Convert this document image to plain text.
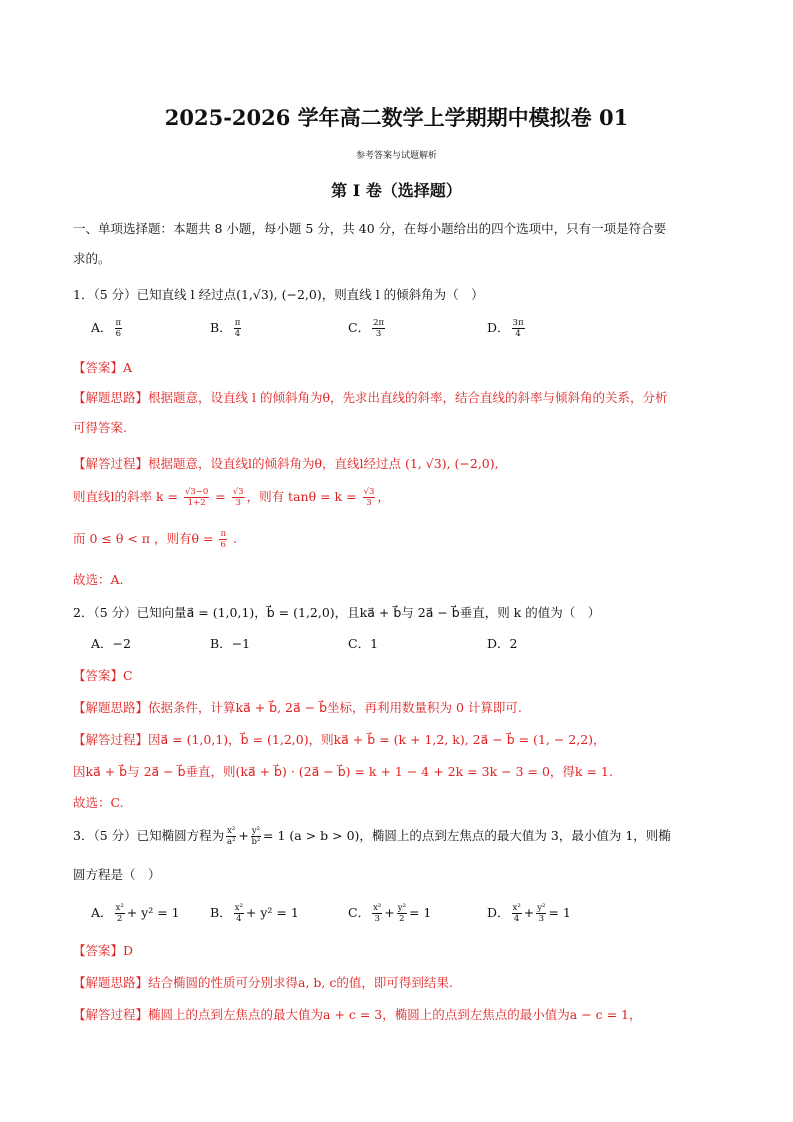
2025-2026 学年高二数学上学期期中模拟卷 01
参考答案与试题解析
第 I 卷（选择题）
一、单项选择题：本题共 8 小题，每小题 5 分，共 40 分，在每小题给出的四个选项中，只有一项是符合要
求的。
1．（5 分）已知直线 l 经过点(1,√3), (−2,0)，则直线 l 的倾斜角为（　）
A． $\frac{\pi}{6}$	B． $\frac{\pi}{4}$	C． $\frac{2\pi}{3}$	D． $\frac{3\pi}{4}$
【答案】A
【解题思路】根据题意，设直线 l 的倾斜角为θ，先求出直线的斜率，结合直线的斜率与倾斜角的关系，分析
可得答案.
【解答过程】根据题意，设直线l的倾斜角为θ，直线l经过点 (1, √3), (−2,0),
则直线l的斜率 $k = \frac{√3-0}{1+2} = \frac{√3}{3}$ ，则有 $\tan\theta = k = \frac{√3}{3}$ ，
而 0 ≤ θ < π ，则有$\theta = \frac{\pi}{6}$ .
故选：A.
2．（5 分）已知向量a⃗ = (1,0,1)，b⃗ = (1,2,0)，且ka⃗ + b⃗与 2a⃗ − b⃗垂直，则 k 的值为（　）
A．−2	B．−1	C．1	D．2
【答案】C
【解题思路】依据条件，计算ka⃗ + b⃗, 2a⃗ − b⃗坐标，再利用数量积为 0 计算即可.
【解答过程】因a⃗ = (1,0,1)，b⃗ = (1,2,0)，则ka⃗ + b⃗ = (k + 1,2, k), 2a⃗ − b⃗ = (1, − 2,2)，
因ka⃗ + b⃗与 2a⃗ − b⃗垂直，则(ka⃗ + b⃗) · (2a⃗ − b⃗) = k + 1 − 4 + 2k = 3k − 3 = 0，得k = 1.
故选：C.
3．（5 分）已知椭圆方程为 $\frac{\text{x²}}{\text{a²}} + \frac{\text{y²}}{\text{b²}} = 1$ (a > b > 0)，椭圆上的点到左焦点的最大值为 3，最小值为 1，则椭
圆方程是（　）
A． $\frac{\text{x²}}{2} + y^2 = 1$ B． $\frac{\text{x²}}{4} + y^2 = 1$	C． $\frac{\text{x²}}{3} + \frac{\text{y²}}{2} = 1$	D． $\frac{\text{x²}}{4} + \frac{\text{y²}}{3} = 1$
【答案】D
【解题思路】结合椭圆的性质可分别求得a, b, c的值，即可得到结果.
【解答过程】椭圆上的点到左焦点的最大值为a + c = 3，椭圆上的点到左焦点的最小值为a − c = 1，
